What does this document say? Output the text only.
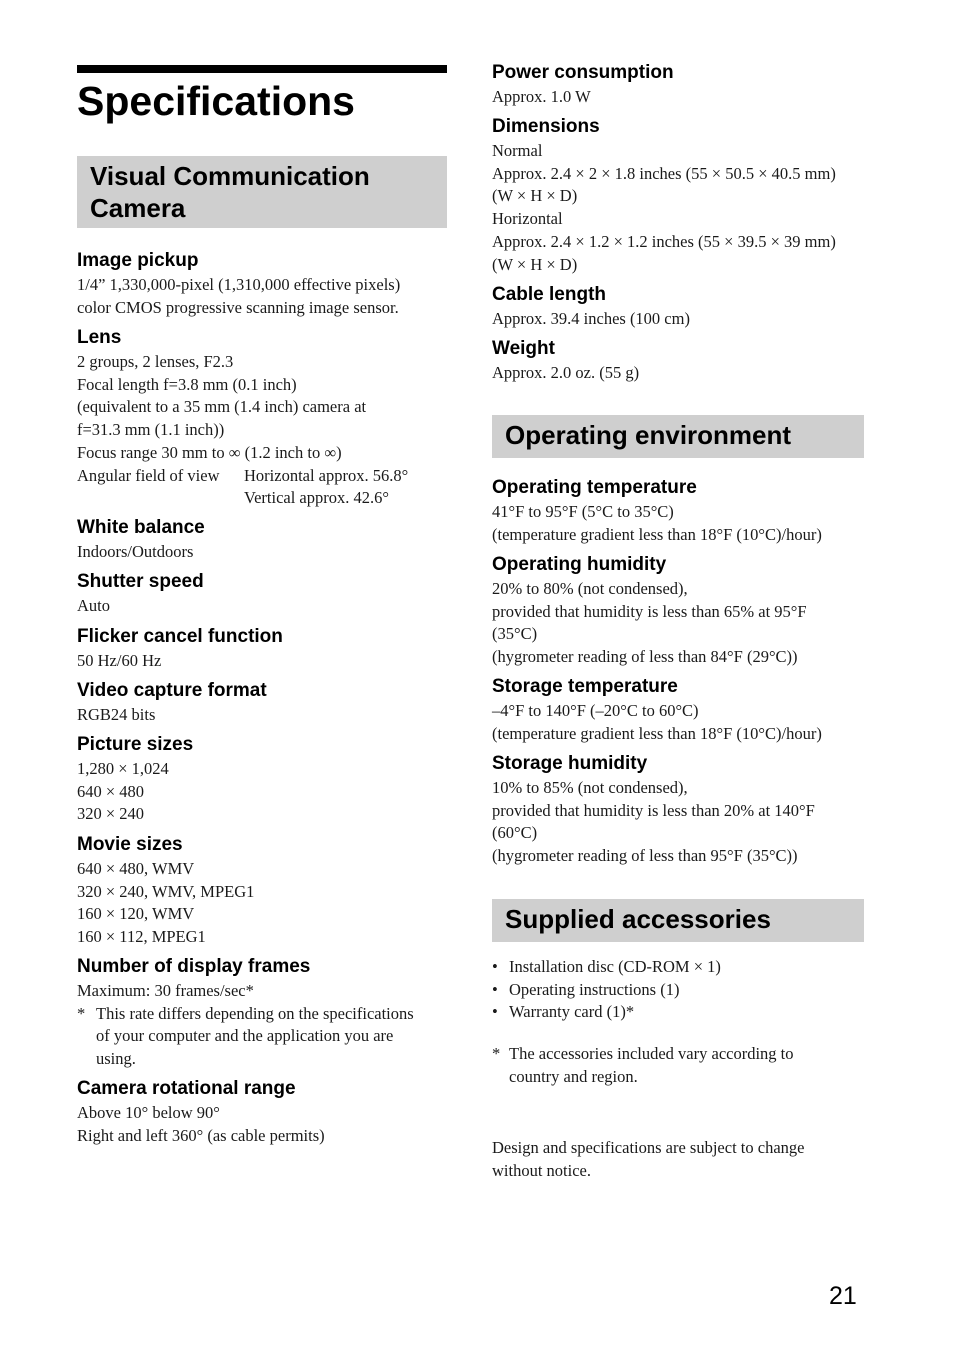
Specifications
Visual Communication Camera
Image pickup
1/4” 1,330,000-pixel (1,310,000 effective pixels)
color CMOS progressive scanning image sensor.
Lens
2 groups, 2 lenses, F2.3
Focal length f=3.8 mm (0.1 inch)
(equivalent to a 35 mm (1.4 inch) camera at
f=31.3 mm (1.1 inch))
Focus range 30 mm to ∞ (1.2 inch to ∞)
Angular field of view	Horizontal approx. 56.8°
Vertical approx. 42.6°
White balance
Indoors/Outdoors
Shutter speed
Auto
Flicker cancel function
50 Hz/60 Hz
Video capture format
RGB24 bits
Picture sizes
1,280 × 1,024
640 × 480
320 × 240
Movie sizes
640 × 480, WMV
320 × 240, WMV, MPEG1
160 × 120, WMV
160 × 112, MPEG1
Number of display frames
Maximum: 30 frames/sec*
* This rate differs depending on the specifications
of your computer and the application you are
using.
Camera rotational range
Above 10° below 90°
Right and left 360° (as cable permits)
Power consumption
Approx. 1.0 W
Dimensions
Normal
Approx. 2.4 × 2 × 1.8 inches (55 × 50.5 × 40.5 mm)
(W × H × D)
Horizontal
Approx. 2.4 × 1.2 × 1.2 inches (55 × 39.5 × 39 mm)
(W × H × D)
Cable length
Approx. 39.4 inches (100 cm)
Weight
Approx. 2.0 oz. (55 g)
Operating environment
Operating temperature
41°F to 95°F (5°C to 35°C)
(temperature gradient less than 18°F (10°C)/hour)
Operating humidity
20% to 80% (not condensed),
provided that humidity is less than 65% at 95°F
(35°C)
(hygrometer reading of less than 84°F (29°C))
Storage temperature
–4°F to 140°F (–20°C to 60°C)
(temperature gradient less than 18°F (10°C)/hour)
Storage humidity
10% to 85% (not condensed),
provided that humidity is less than 20% at 140°F
(60°C)
(hygrometer reading of less than 95°F (35°C))
Supplied accessories
• Installation disc (CD-ROM × 1)
• Operating instructions (1)
• Warranty card (1)*
* The accessories included vary according to
country and region.
Design and specifications are subject to change
without notice.
21
